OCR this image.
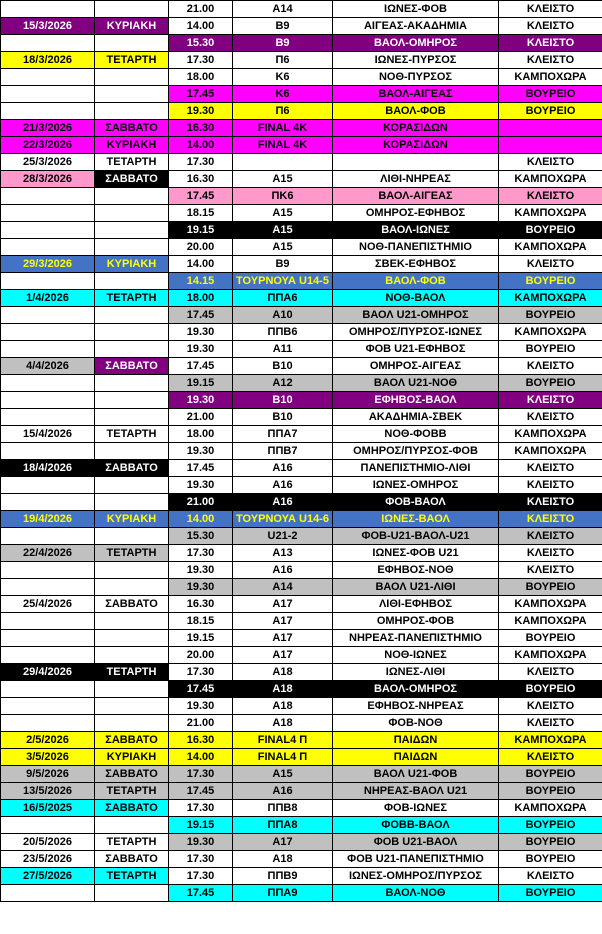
		21.00	A14	ΙΩΝΕΣ-ΦΟΒ	ΚΛΕΙΣΤΟ
15/3/2026	ΚΥΡΙΑΚΗ	14.00	Β9	ΑΙΓΕΑΣ-ΑΚΑΔΗΜΙΑ	ΚΛΕΙΣΤΟ
		15.30	Β9	ΒΑΟΛ-ΟΜΗΡΟΣ	ΚΛΕΙΣΤΟ
18/3/2026	ΤΕΤΑΡΤΗ	17.30	Π6	ΙΩΝΕΣ-ΠΥΡΣΟΣ	ΚΛΕΙΣΤΟ
		18.00	Κ6	ΝΟΘ-ΠΥΡΣΟΣ	ΚΑΜΠΟΧΩΡΑ
		17.45	Κ6	ΒΑΟΛ-ΑΙΓΕΑΣ	ΒΟΥΡΕΙΟ
		19.30	Π6	ΒΑΟΛ-ΦΟΒ	ΒΟΥΡΕΙΟ
21/3/2026	ΣΑΒΒΑΤΟ	16.30	FINAL 4K	ΚΟΡΑΣΙΔΩΝ	
22/3/2026	ΚΥΡΙΑΚΗ	14.00	FINAL 4K	ΚΟΡΑΣΙΔΩΝ	
25/3/2026	ΤΕΤΑΡΤΗ	17.30			ΚΛΕΙΣΤΟ
28/3/2026	ΣΑΒΒΑΤΟ	16.30	Α15	ΛΙΘΙ-ΝΗΡΕΑΣ	ΚΑΜΠΟΧΩΡΑ
		17.45	ΠΚ6	ΒΑΟΛ-ΑΙΓΕΑΣ	ΚΛΕΙΣΤΟ
		18.15	Α15	ΟΜΗΡΟΣ-ΕΦΗΒΟΣ	ΚΑΜΠΟΧΩΡΑ
		19.15	Α15	ΒΑΟΛ-ΙΩΝΕΣ	ΒΟΥΡΕΙΟ
		20.00	Α15	ΝΟΘ-ΠΑΝΕΠΙΣΤΗΜΙΟ	ΚΑΜΠΟΧΩΡΑ
29/3/2026	ΚΥΡΙΑΚΗ	14.00	Β9	ΣΒΕΚ-ΕΦΗΒΟΣ	ΚΛΕΙΣΤΟ
		14.15	ΤΟΥΡΝΟΥΑ U14-5	ΒΑΟΛ-ΦΟΒ	ΒΟΥΡΕΙΟ
1/4/2026	ΤΕΤΑΡΤΗ	18.00	ΠΠΑ6	ΝΟΘ-ΒΑΟΛ	ΚΑΜΠΟΧΩΡΑ
		17.45	Α10	ΒΑΟΛ U21-ΟΜΗΡΟΣ	ΒΟΥΡΕΙΟ
		19.30	ΠΠΒ6	ΟΜΗΡΟΣ/ΠΥΡΣΟΣ-ΙΩΝΕΣ	ΚΑΜΠΟΧΩΡΑ
		19.30	Α11	ΦΟΒ U21-ΕΦΗΒΟΣ	ΒΟΥΡΕΙΟ
4/4/2026	ΣΑΒΒΑΤΟ	17.45	Β10	ΟΜΗΡΟΣ-ΑΙΓΕΑΣ	ΚΛΕΙΣΤΟ
		19.15	Α12	ΒΑΟΛ U21-ΝΟΘ	ΒΟΥΡΕΙΟ
		19.30	Β10	ΕΦΗΒΟΣ-ΒΑΟΛ	ΚΛΕΙΣΤΟ
		21.00	Β10	ΑΚΑΔΗΜΙΑ-ΣΒΕΚ	ΚΛΕΙΣΤΟ
15/4/2026	ΤΕΤΑΡΤΗ	18.00	ΠΠΑ7	ΝΟΘ-ΦΟΒΒ	ΚΑΜΠΟΧΩΡΑ
		19.30	ΠΠΒ7	ΟΜΗΡΟΣ/ΠΥΡΣΟΣ-ΦΟΒ	ΚΑΜΠΟΧΩΡΑ
18/4/2026	ΣΑΒΒΑΤΟ	17.45	Α16	ΠΑΝΕΠΙΣΤΗΜΙΟ-ΛΙΘΙ	ΚΛΕΙΣΤΟ
		19.30	Α16	ΙΩΝΕΣ-ΟΜΗΡΟΣ	ΚΛΕΙΣΤΟ
		21.00	Α16	ΦΟΒ-ΒΑΟΛ	ΚΛΕΙΣΤΟ
19/4/2026	ΚΥΡΙΑΚΗ	14.00	ΤΟΥΡΝΟΥΑ U14-6	ΙΩΝΕΣ-ΒΑΟΛ	ΚΛΕΙΣΤΟ
		15.30	U21-2	ΦΟΒ-U21-ΒΑΟΛ-U21	ΚΛΕΙΣΤΟ
22/4/2026	ΤΕΤΑΡΤΗ	17.30	Α13	ΙΩΝΕΣ-ΦΟΒ U21	ΚΛΕΙΣΤΟ
		19.30	Α16	ΕΦΗΒΟΣ-ΝΟΘ	ΚΛΕΙΣΤΟ
		19.30	Α14	ΒΑΟΛ U21-ΛΙΘΙ	ΒΟΥΡΕΙΟ
25/4/2026	ΣΑΒΒΑΤΟ	16.30	Α17	ΛΙΘΙ-ΕΦΗΒΟΣ	ΚΑΜΠΟΧΩΡΑ
		18.15	Α17	ΟΜΗΡΟΣ-ΦΟΒ	ΚΑΜΠΟΧΩΡΑ
		19.15	Α17	ΝΗΡΕΑΣ-ΠΑΝΕΠΙΣΤΗΜΙΟ	ΒΟΥΡΕΙΟ
		20.00	Α17	ΝΟΘ-ΙΩΝΕΣ	ΚΑΜΠΟΧΩΡΑ
29/4/2026	ΤΕΤΑΡΤΗ	17.30	Α18	ΙΩΝΕΣ-ΛΙΘΙ	ΚΛΕΙΣΤΟ
		17.45	Α18	ΒΑΟΛ-ΟΜΗΡΟΣ	ΒΟΥΡΕΙΟ
		19.30	Α18	ΕΦΗΒΟΣ-ΝΗΡΕΑΣ	ΚΛΕΙΣΤΟ
		21.00	Α18	ΦΟΒ-ΝΟΘ	ΚΛΕΙΣΤΟ
2/5/2026	ΣΑΒΒΑΤΟ	16.30	FINAL4 Π	ΠΑΙΔΩΝ	ΚΑΜΠΟΧΩΡΑ
3/5/2026	ΚΥΡΙΑΚΗ	14.00	FINAL4 Π	ΠΑΙΔΩΝ	ΚΛΕΙΣΤΟ
9/5/2026	ΣΑΒΒΑΤΟ	17.30	Α15	ΒΑΟΛ U21-ΦΟΒ	ΒΟΥΡΕΙΟ
13/5/2026	ΤΕΤΑΡΤΗ	17.45	Α16	ΝΗΡΕΑΣ-ΒΑΟΛ U21	ΒΟΥΡΕΙΟ
16/5/2025	ΣΑΒΒΑΤΟ	17.30	ΠΠΒ8	ΦΟΒ-ΙΩΝΕΣ	ΚΑΜΠΟΧΩΡΑ
		19.15	ΠΠΑ8	ΦΟΒΒ-ΒΑΟΛ	ΒΟΥΡΕΙΟ
20/5/2026	ΤΕΤΑΡΤΗ	19.30	Α17	ΦΟΒ U21-ΒΑΟΛ	ΒΟΥΡΕΙΟ
23/5/2026	ΣΑΒΒΑΤΟ	17.30	Α18	ΦΟΒ U21-ΠΑΝΕΠΙΣΤΗΜΙΟ	ΒΟΥΡΕΙΟ
27/5/2026	ΤΕΤΑΡΤΗ	17.30	ΠΠΒ9	ΙΩΝΕΣ-ΟΜΗΡΟΣ/ΠΥΡΣΟΣ	ΚΛΕΙΣΤΟ
		17.45	ΠΠΑ9	ΒΑΟΛ-ΝΟΘ	ΒΟΥΡΕΙΟ
